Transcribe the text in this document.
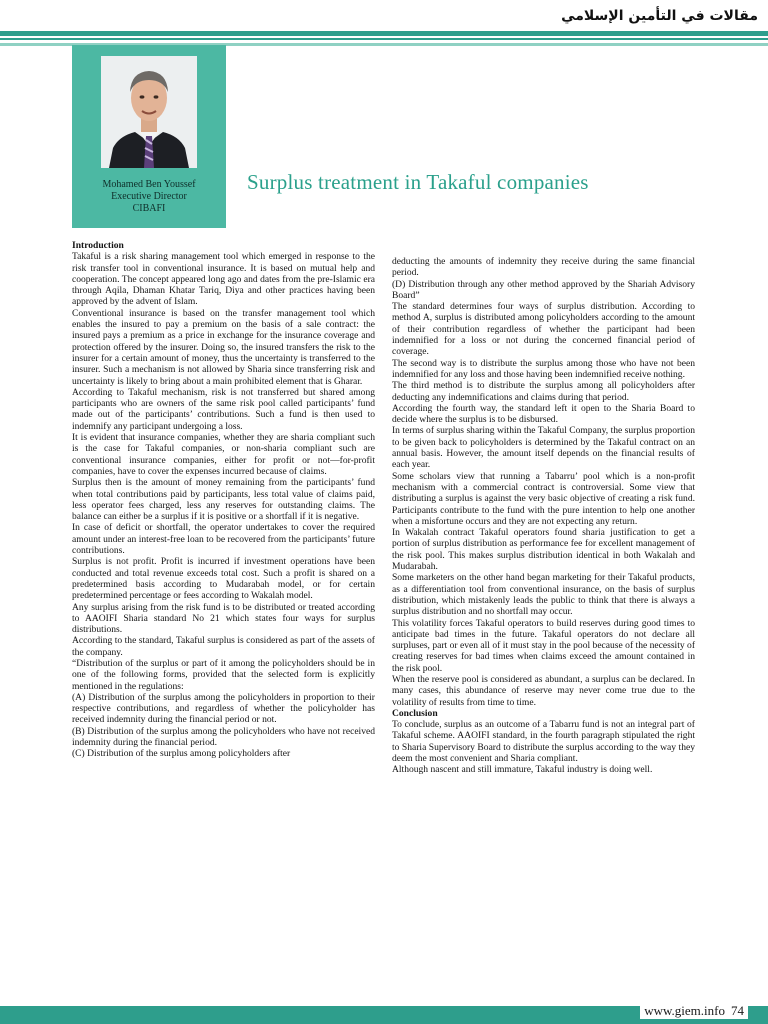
مقالات في التأمين الإسلامي
Mohamed Ben Youssef
Executive Director
CIBAFI
Surplus treatment in Takaful companies

Introduction

Takaful is a risk sharing management tool which emerged in response to the risk transfer tool in conventional insurance. It is based on mutual help and cooperation. The concept appeared long ago and dates from the pre-Islamic era through Aqila, Dhaman Khatar Tariq, Diya and other practices having been approved by the advent of Islam.

Conventional insurance is based on the transfer management tool which enables the insured to pay a premium on the basis of a sale contract: the insured pays a premium as a price in exchange for the insurance coverage and protection offered by the insurer. Doing so, the insured transfers the risk to the insurer for a certain amount of money, thus the uncertainty is transferred to the insurer. Such a mechanism is not allowed by Sharia since transferring risk and uncertainty is likely to bring about a main prohibited element that is Gharar.

According to Takaful mechanism, risk is not transferred but shared among participants who are owners of the same risk pool called participants’ fund made out of the participants’ contributions. Such a fund is then used to indemnify any participant undergoing a loss.

It is evident that insurance companies, whether they are sharia compliant such is the case for Takaful companies, or non-sharia compliant such are conventional insurance companies, either for profit or not—for-profit companies, have to cover the expenses incurred because of claims.

Surplus then is the amount of money remaining from the participants’ fund when total contributions paid by participants, less total value of claims paid, less operator fees charged, less any reserves for outstanding claims. The balance can either be a surplus if it is positive or a shortfall if it is negative.

In case of deficit or shortfall, the operator undertakes to cover the required amount under an interest-free loan to be recovered from the participants’ future contributions.

Surplus is not profit. Profit is incurred if investment operations have been conducted and total revenue exceeds total cost. Such a profit is shared on a predetermined basis according to Mudarabah model, or for certain predetermined percentage or fees according to Wakalah model.

Any surplus arising from the risk fund is to be distributed or treated according to AAOIFI Sharia standard No 21 which states four ways for surplus distributions.

According to the standard, Takaful surplus is considered as part of the assets of the company.

“Distribution of the surplus or part of it among the policyholders should be in one of the following forms, provided that the selected form is explicitly mentioned in the regulations:

(A) Distribution of the surplus among the policyholders in proportion to their respective contributions, and regardless of whether the policyholder has received indemnity during the financial period or not.

(B) Distribution of the surplus among the policyholders who have not received indemnity during the financial period.

(C) Distribution of the surplus among policyholders after

deducting the amounts of indemnity they receive during the same financial period.

(D) Distribution through any other method approved by the Shariah Advisory Board”

The standard determines four ways of surplus distribution. According to method A, surplus is distributed among policyholders according to the amount of their contribution regardless of whether the participant had been indemnified for a loss or not during the concerned financial period of coverage.

The second way is to distribute the surplus among those who have not been indemnified for any loss and those having been indemnified receive nothing.

The third method is to distribute the surplus among all policyholders after deducting any indemnifications and claims during that period.

According the fourth way, the standard left it open to the Sharia Board to decide where the surplus is to be disbursed.

In terms of surplus sharing within the Takaful Company, the surplus proportion to be given back to policyholders is determined by the Takaful contract on an annual basis. However, the amount itself depends on the financial results of each year.

Some scholars view that running a Tabarru’ pool which is a non-profit mechanism with a commercial contract is controversial. Some view that distributing a surplus is against the very basic objective of creating a risk fund. Participants contribute to the fund with the pure intention to help one another when a misfortune occurs and they are not expecting any return.

In Wakalah contract Takaful operators found sharia justification to get a portion of surplus distribution as performance fee for excellent management of the risk pool. This makes surplus distribution identical in both Wakalah and Mudarabah.

Some marketers on the other hand began marketing for their Takaful products, as a differentiation tool from conventional insurance, on the basis of surplus distribution, which mistakenly leads the public to think that there is always a surplus distribution and no shortfall may occur.

This volatility forces Takaful operators to build reserves during good times to anticipate bad times in the future. Takaful operators do not declare all surpluses, part or even all of it must stay in the pool because of the necessity of creating reserves for bad times when claims exceed the amount contained in the risk pool.

When the reserve pool is considered as abundant, a surplus can be declared. In many cases, this abundance of reserve may never come true due to the volatility of results from time to time.

Conclusion

To conclude, surplus as an outcome of a Tabarru fund is not an integral part of Takaful scheme. AAOIFI standard, in the fourth paragraph stipulated the right to Sharia Supervisory Board to distribute the surplus according to the way they deem the most convenient and Sharia compliant.

Although nascent and still immature, Takaful industry is doing well.

www.giem.info 74
